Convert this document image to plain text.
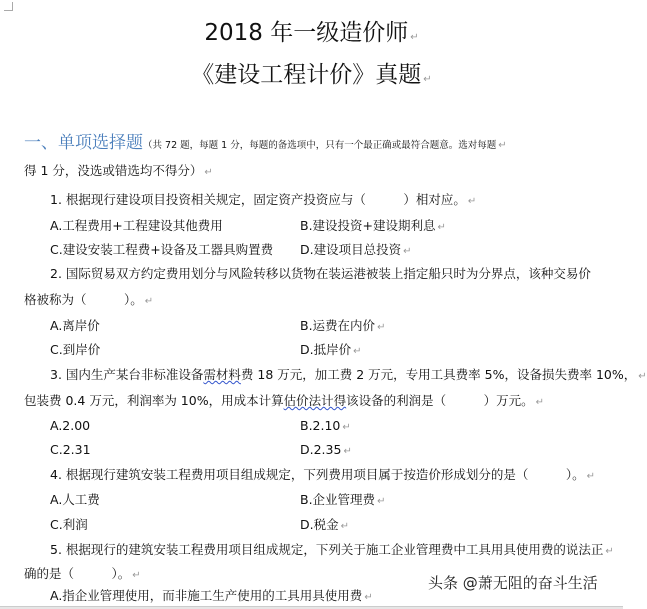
2018 年一级造价师 ↵
《建设工程计价》真题 ↵
一、单项选择题（共 72 题，每题 1 分，每题的备选项中，只有一个最正确或最符合题意。选对每题 ↵
得 1 分，没选或错选均不得分） ↵
1. 根据现行建设项目投资相关规定，固定资产投资应与（　　　）相对应。 ↵
A.工程费用+工程建设其他费用	B.建设投资+建设期利息 ↵
C.建设安装工程费+设备及工器具购置费 D.建设项目总投资 ↵
2. 国际贸易双方约定费用划分与风险转移以货物在装运港被装上指定船只时为分界点，该种交易价
格被称为（　　　）。 ↵
A.离岸价	B.运费在内价 ↵
C.到岸价	D.抵岸价 ↵
3. 国内生产某台非标准设备需材料费 18 万元，加工费 2 万元，专用工具费率 5%，设备损失费率 10%， ↵
包装费 0.4 万元，利润率为 10%，用成本计算估价法计得该设备的利润是（　　　）万元。 ↵
A.2.00	B.2.10 ↵
C.2.31	D.2.35 ↵
4. 根据现行建筑安装工程费用项目组成规定，下列费用项目属于按造价形成划分的是（　　　）。 ↵
A.人工费	B.企业管理费 ↵
C.利润	D.税金 ↵
5. 根据现行的建筑安装工程费用项目组成规定，下列关于施工企业管理费中工具用具使用费的说法正 ↵
确的是（　　　）。 ↵
A.指企业管理使用，而非施工生产使用的工具用具使用费 ↵
头条 @萧无阻的奋斗生活
